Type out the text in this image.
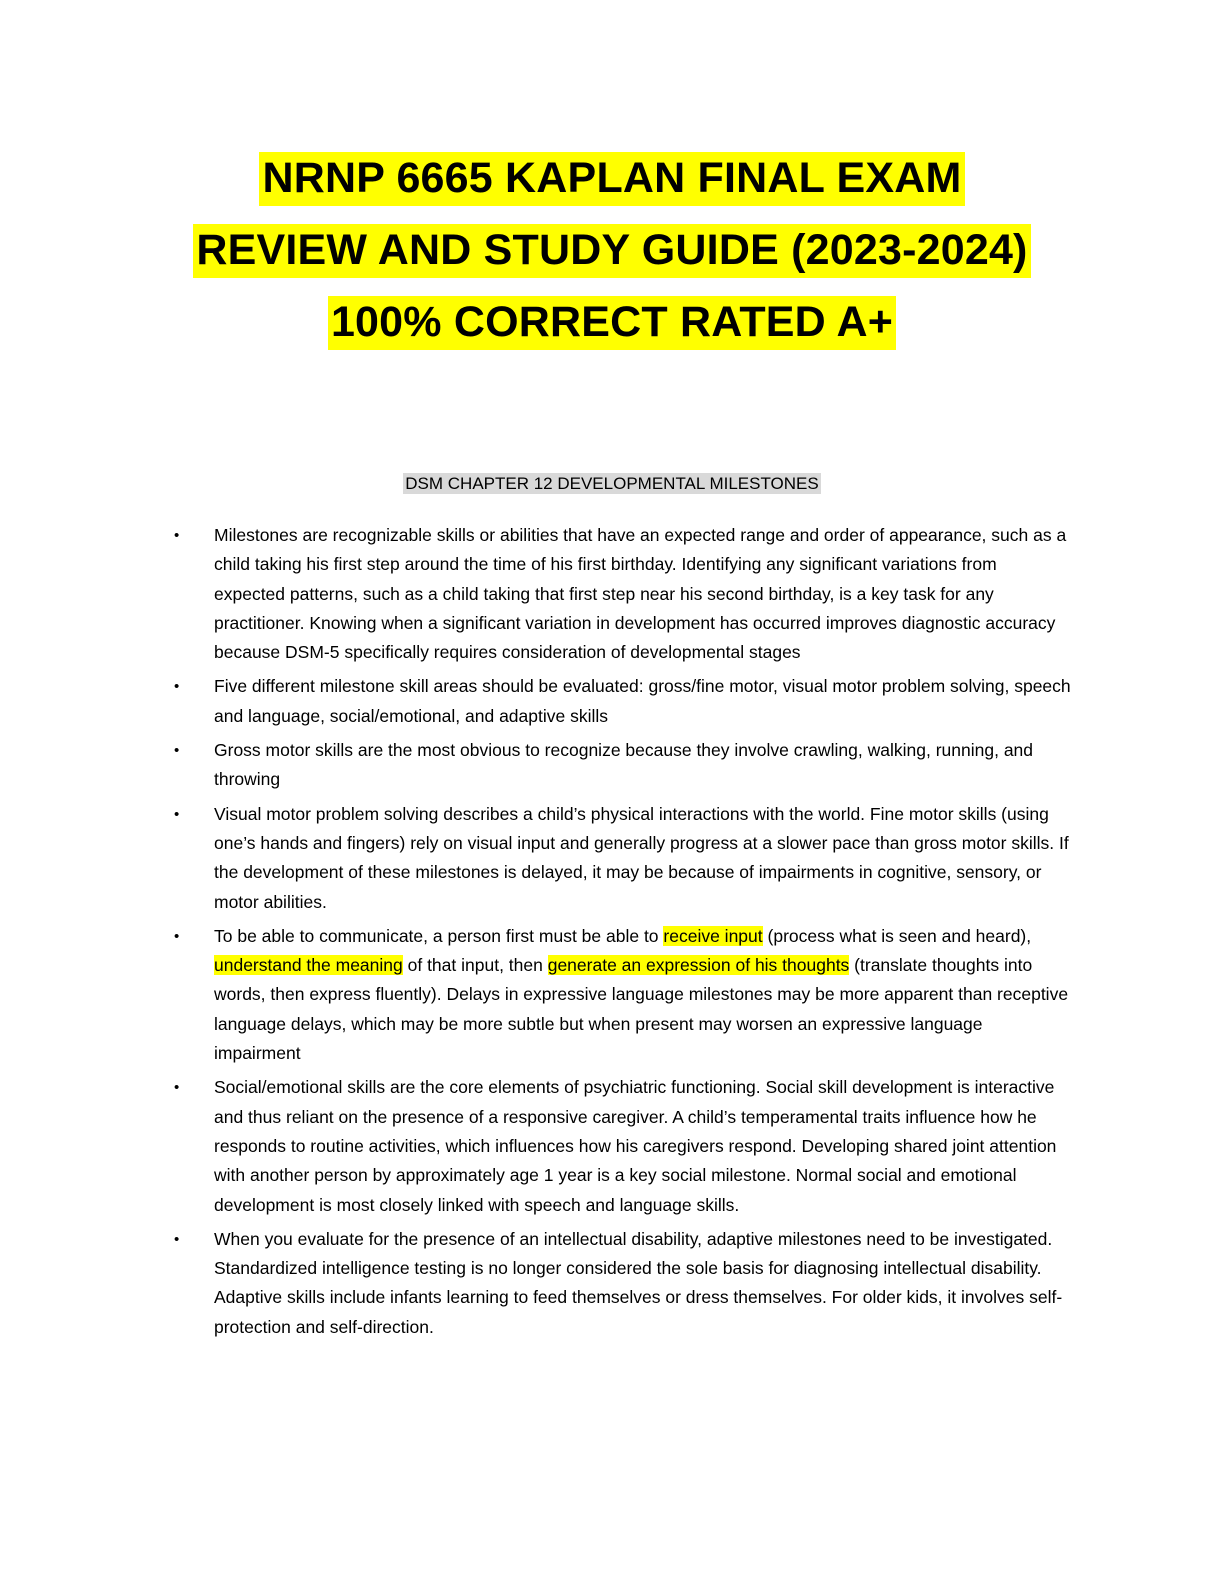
NRNP 6665 KAPLAN FINAL EXAM
REVIEW AND STUDY GUIDE (2023-2024)
100% CORRECT RATED A+
DSM CHAPTER 12 DEVELOPMENTAL MILESTONES
• Milestones are recognizable skills or abilities that have an expected range and order of appearance, such as a child taking his first step around the time of his first birthday. Identifying any significant variations from expected patterns, such as a child taking that first step near his second birthday, is a key task for any practitioner. Knowing when a significant variation in development has occurred improves diagnostic accuracy because DSM-5 specifically requires consideration of developmental stages
• Five different milestone skill areas should be evaluated: gross/fine motor, visual motor problem solving, speech and language, social/emotional, and adaptive skills
• Gross motor skills are the most obvious to recognize because they involve crawling, walking, running, and throwing
• Visual motor problem solving describes a child’s physical interactions with the world. Fine motor skills (using one’s hands and fingers) rely on visual input and generally progress at a slower pace than gross motor skills. If the development of these milestones is delayed, it may be because of impairments in cognitive, sensory, or motor abilities.
• To be able to communicate, a person first must be able to receive input (process what is seen and heard), understand the meaning of that input, then generate an expression of his thoughts (translate thoughts into words, then express fluently). Delays in expressive language milestones may be more apparent than receptive language delays, which may be more subtle but when present may worsen an expressive language impairment
• Social/emotional skills are the core elements of psychiatric functioning. Social skill development is interactive and thus reliant on the presence of a responsive caregiver. A child’s temperamental traits influence how he responds to routine activities, which influences how his caregivers respond. Developing shared joint attention with another person by approximately age 1 year is a key social milestone. Normal social and emotional development is most closely linked with speech and language skills.
• When you evaluate for the presence of an intellectual disability, adaptive milestones need to be investigated. Standardized intelligence testing is no longer considered the sole basis for diagnosing intellectual disability. Adaptive skills include infants learning to feed themselves or dress themselves. For older kids, it involves self-protection and self-direction.
